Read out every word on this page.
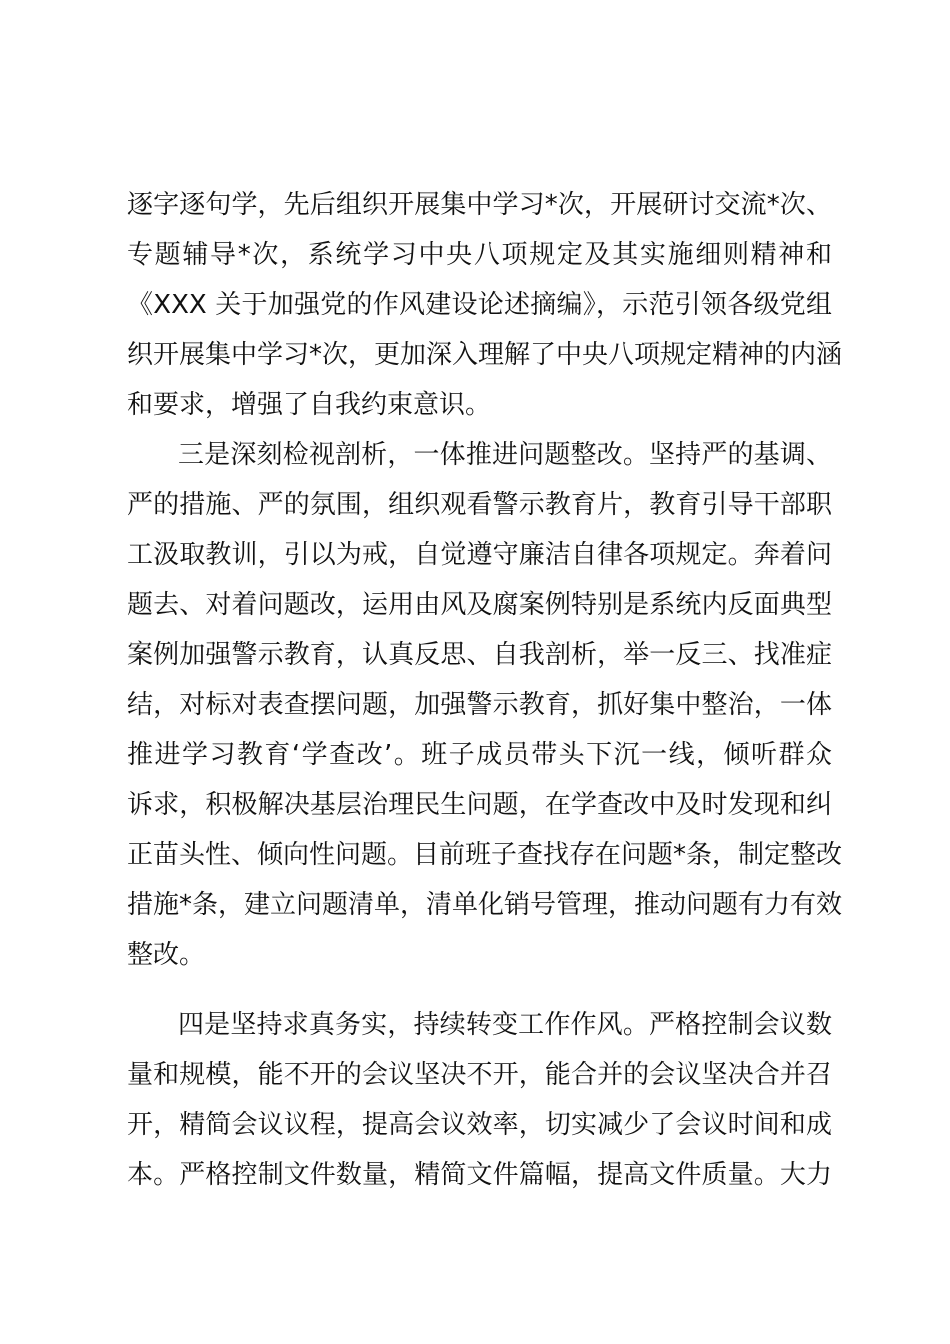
逐字逐句学，先后组织开展集中学习*次，开展研讨交流*次、
专题辅导*次，系统学习中央八项规定及其实施细则精神和
《XXX 关于加强党的作风建设论述摘编》，示范引领各级党组
织开展集中学习*次，更加深入理解了中央八项规定精神的内涵
和要求，增强了自我约束意识。
三是深刻检视剖析，一体推进问题整改。坚持严的基调、
严的措施、严的氛围，组织观看警示教育片，教育引导干部职
工汲取教训，引以为戒，自觉遵守廉洁自律各项规定。奔着问
题去、对着问题改，运用由风及腐案例特别是系统内反面典型
案例加强警示教育，认真反思、自我剖析，举一反三、找准症
结，对标对表查摆问题，加强警示教育，抓好集中整治，一体
推进学习教育‘学查改’。班子成员带头下沉一线，倾听群众
诉求，积极解决基层治理民生问题，在学查改中及时发现和纠
正苗头性、倾向性问题。目前班子查找存在问题*条，制定整改
措施*条，建立问题清单，清单化销号管理，推动问题有力有效
整改。
四是坚持求真务实，持续转变工作作风。严格控制会议数
量和规模，能不开的会议坚决不开，能合并的会议坚决合并召
开，精简会议议程，提高会议效率，切实减少了会议时间和成
本。严格控制文件数量，精简文件篇幅，提高文件质量。大力
